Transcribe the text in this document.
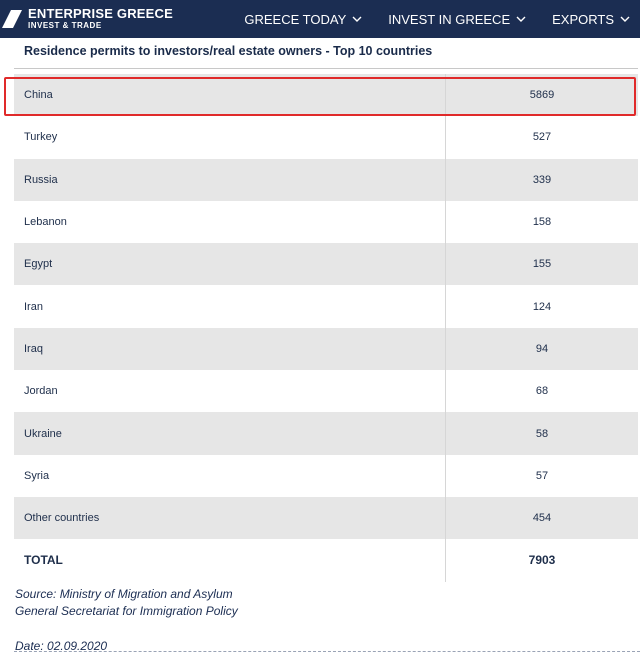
ENTERPRISE GREECE
INVEST & TRADE	GREECE TODAY	INVEST IN GREECE	EXPORTS
Residence permits to investors/real estate owners - Top 10 countries
China	5869
Turkey	527
Russia	339
Lebanon	158
Egypt	155
Iran	124
Iraq	94
Jordan	68
Ukraine	58
Syria	57
Other countries	454
TOTAL	7903
Source: Ministry of Migration and Asylum
General Secretariat for Immigration Policy
Date: 02.09.2020
